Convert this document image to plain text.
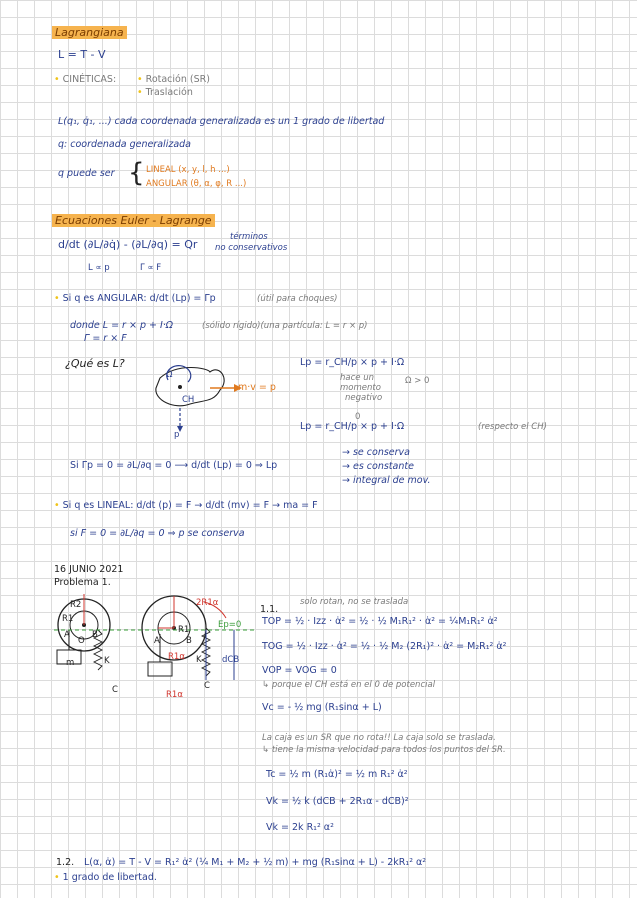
Lagrangiana
L = T - V
• CINÉTICAS: • Rotación (SR)
• Traslación
L(q₁, q̇₁, ...) cada coordenada generalizada es un 1 grado de libertad
q: coordenada generalizada
q puede ser { LINEAL (x, y, l, h ...)
ANGULAR (θ, α, φ, R ...)
Ecuaciones Euler - Lagrange
d/dt (∂L/∂q̇) - (∂L/∂q) = Qr
L ∝ p	Γ ∝ F
términos
no conservativos
• Si q es ANGULAR: d/dt (Lp) = Γp	(útil para choques)
donde L = r × p + I·Ω	(sólido rígido)(una partícula: L = r × p)
Γ = r × F
¿Qué es L?
m·v = p
CH
Ω
p
Lp = r_CH/p × p + I·Ω
hace un
momento
negativo
Ω > 0
0
Lp = r_CH/p × p + I·Ω	(respecto el CH)
Si Γp = 0 = ∂L/∂q = 0 ⟶ d/dt (Lp) = 0 ⇒ Lp
→ se conserva
→ es constante
→ integral de mov.
• Si q es LINEAL: d/dt (p) = F → d/dt (mv) = F → ma = F
si F = 0 = ∂L/∂q = 0 ⇒ p se conserva
16 JUNIO 2021
Problema 1.
R2
R1
A	B
O
C
K
m
R1
A	B
C
K
2R1α
Ep=0
dCB
R1α
R1α
1.1.
solo rotan, no se traslada
TOP = ½ · Izz · α̇² = ½ · ½ M₁R₁² · α̇² = ¼M₁R₁² α̇²
TOG = ½ · Izz · α̇² = ½ · ½ M₂ (2R₁)² · α̇² = M₂R₁² α̇²
VOP = VOG = 0
↳ porque el CH está en el 0 de potencial
Vc = - ½ mg (R₁sinα + L)
La caja es un SR que no rota!! La caja solo se traslada.
↳ tiene la misma velocidad para todos los puntos del SR.
Tc = ½ m (R₁α̇)² = ½ m R₁² α̇²
Vk = ½ k (dCB + 2R₁α - dCB)²
Vk = 2k R₁² α²
1.2. L(α, α̇) = T - V = R₁² α̇² (¼ M₁ + M₂ + ½ m) + mg (R₁sinα + L) - 2kR₁² α²
• 1 grado de libertad.
